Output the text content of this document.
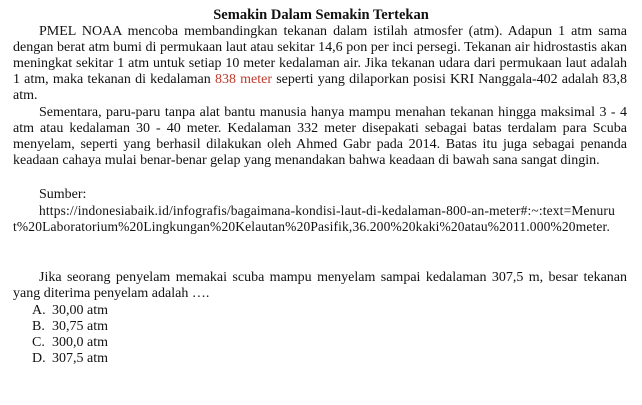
Semakin Dalam Semakin Tertekan
PMEL NOAA mencoba membandingkan tekanan dalam istilah atmosfer (atm). Adapun 1 atm sama dengan berat atm bumi di permukaan laut atau sekitar 14,6 pon per inci persegi. Tekanan air hidrostastis akan meningkat sekitar 1 atm untuk setiap 10 meter kedalaman air. Jika tekanan udara dari permukaan laut adalah 1 atm, maka tekanan di kedalaman 838 meter seperti yang dilaporkan posisi KRI Nanggala-402 adalah 83,8 atm.
Sementara, paru-paru tanpa alat bantu manusia hanya mampu menahan tekanan hingga maksimal 3 - 4 atm atau kedalaman 30 - 40 meter. Kedalaman 332 meter disepakati sebagai batas terdalam para Scuba menyelam, seperti yang berhasil dilakukan oleh Ahmed Gabr pada 2014. Batas itu juga sebagai penanda keadaan cahaya mulai benar-benar gelap yang menandakan bahwa keadaan di bawah sana sangat dingin.
Sumber:
https://indonesiabaik.id/infografis/bagaimana-kondisi-laut-di-kedalaman-800-an-meter#:~:text=Menurut%20Laboratorium%20Lingkungan%20Kelautan%20Pasifik,36.200%20kaki%20atau%2011.000%20meter.
Jika seorang penyelam memakai scuba mampu menyelam sampai kedalaman 307,5 m, besar tekanan yang diterima penyelam adalah ….
A. 30,00 atm
B. 30,75 atm
C. 300,0 atm
D. 307,5 atm
